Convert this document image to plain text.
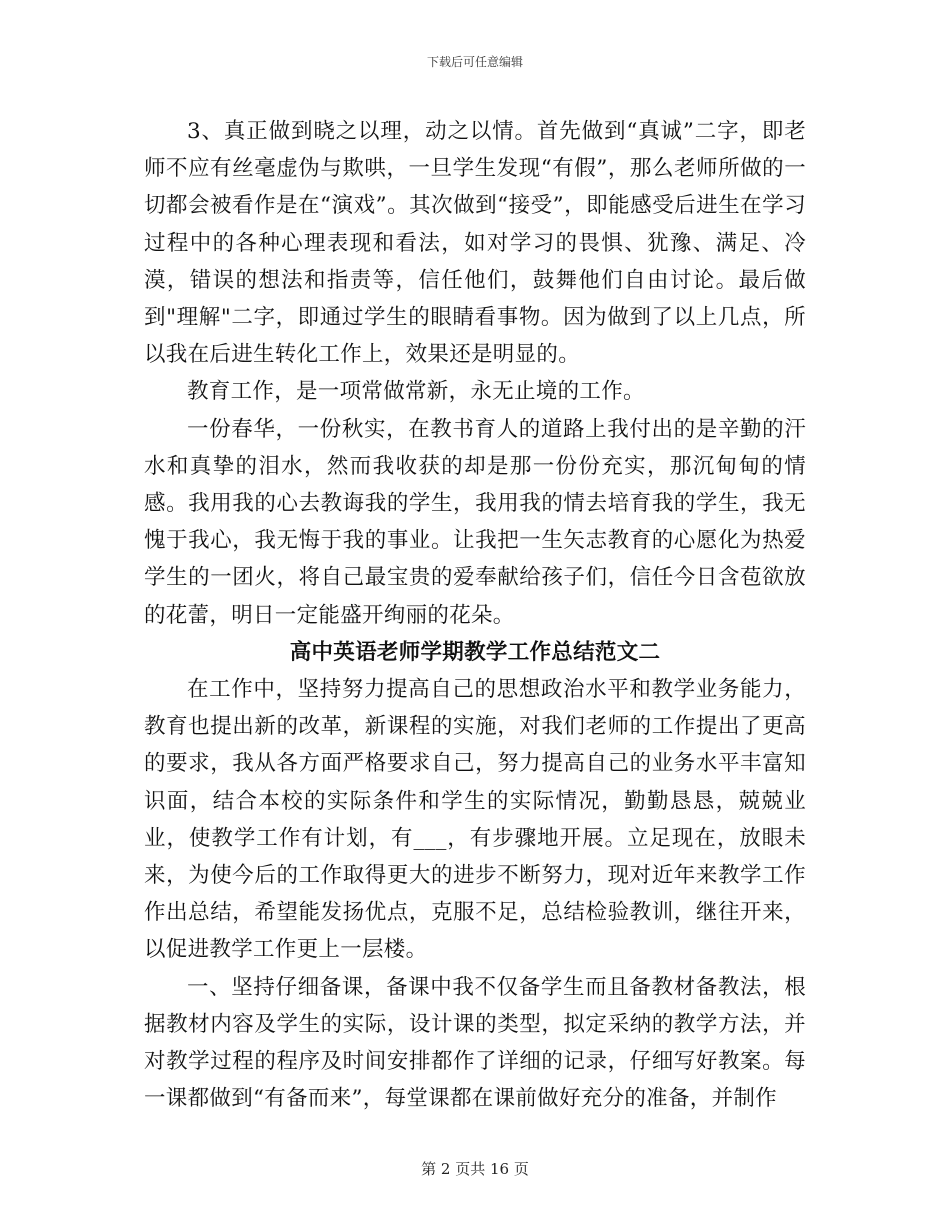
下载后可任意编辑

3、真正做到晓之以理，动之以情。首先做到“真诚”二字，即老师不应有丝毫虚伪与欺哄，一旦学生发现“有假”，那么老师所做的一切都会被看作是在“演戏”。其次做到“接受”，即能感受后进生在学习过程中的各种心理表现和看法，如对学习的畏惧、犹豫、满足、冷漠，错误的想法和指责等，信任他们，鼓舞他们自由讨论。最后做到"理解"二字，即通过学生的眼睛看事物。因为做到了以上几点，所以我在后进生转化工作上，效果还是明显的。

教育工作，是一项常做常新，永无止境的工作。

一份春华，一份秋实，在教书育人的道路上我付出的是辛勤的汗水和真挚的泪水，然而我收获的却是那一份份充实，那沉甸甸的情感。我用我的心去教诲我的学生，我用我的情去培育我的学生，我无愧于我心，我无悔于我的事业。让我把一生矢志教育的心愿化为热爱学生的一团火，将自己最宝贵的爱奉献给孩子们，信任今日含苞欲放的花蕾，明日一定能盛开绚丽的花朵。

高中英语老师学期教学工作总结范文二

在工作中，坚持努力提高自己的思想政治水平和教学业务能力，教育也提出新的改革，新课程的实施，对我们老师的工作提出了更高的要求，我从各方面严格要求自己，努力提高自己的业务水平丰富知识面，结合本校的实际条件和学生的实际情况，勤勤恳恳，兢兢业业，使教学工作有计划，有___，有步骤地开展。立足现在，放眼未来，为使今后的工作取得更大的进步不断努力，现对近年来教学工作作出总结，希望能发扬优点，克服不足，总结检验教训，继往开来，以促进教学工作更上一层楼。

一、坚持仔细备课，备课中我不仅备学生而且备教材备教法，根据教材内容及学生的实际，设计课的类型，拟定采纳的教学方法，并对教学过程的程序及时间安排都作了详细的记录，仔细写好教案。每一课都做到“有备而来”，每堂课都在课前做好充分的准备，并制作

第 2 页共 16 页
